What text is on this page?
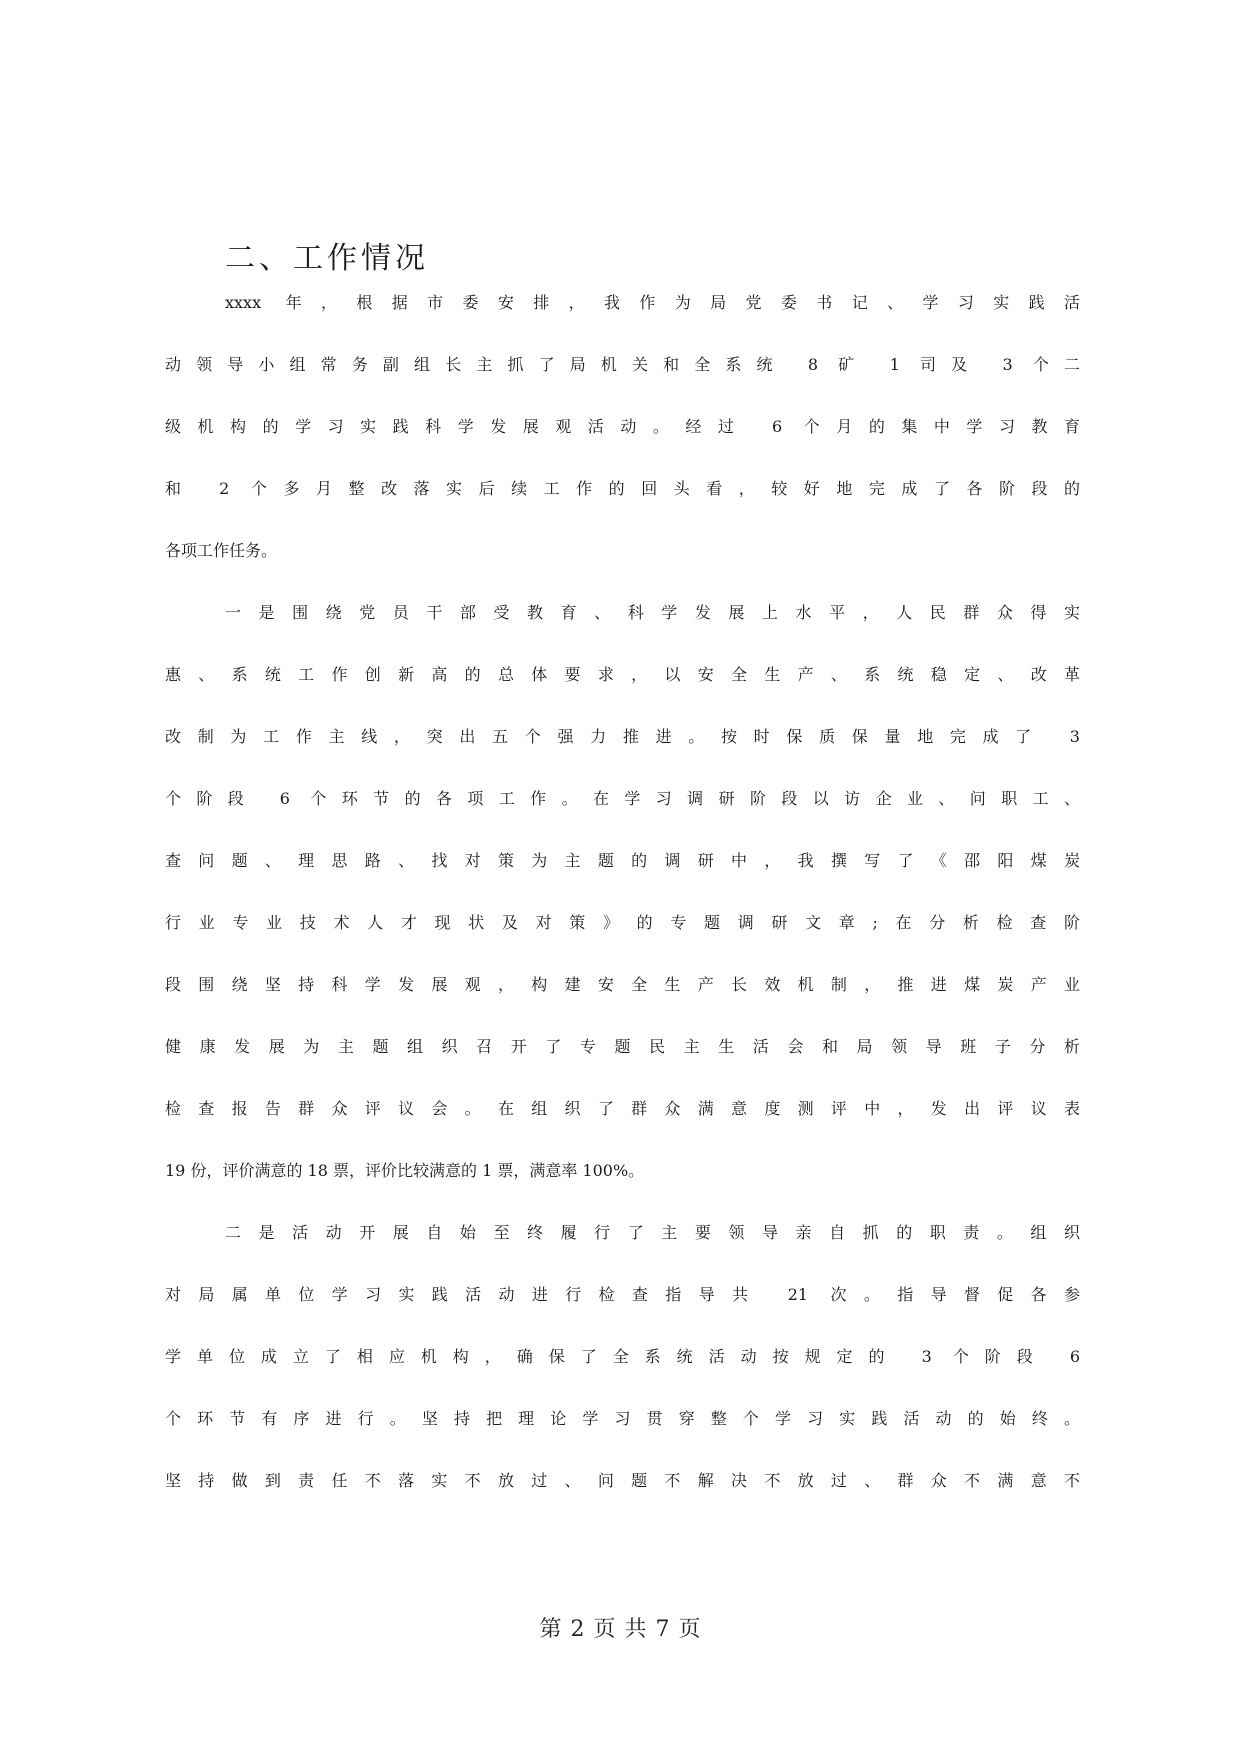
二、工作情况
xxxx 年，根据市委安排，我作为局党委书记、学习实践活
动领导小组常务副组长主抓了局机关和全系统 8 矿 1 司及 3 个二
级机构的学习实践科学发展观活动。经过 6 个月的集中学习教育
和 2 个多月整改落实后续工作的回头看，较好地完成了各阶段的
各项工作任务。
一是围绕党员干部受教育、科学发展上水平，人民群众得实
惠、系统工作创新高的总体要求，以安全生产、系统稳定、改革
改制为工作主线，突出五个强力推进。按时保质保量地完成了 3
个阶段 6 个环节的各项工作。在学习调研阶段以访企业、问职工、
查问题、理思路、找对策为主题的调研中，我撰写了《邵阳煤炭
行业专业技术人才现状及对策》的专题调研文章;在分析检查阶
段围绕坚持科学发展观，构建安全生产长效机制，推进煤炭产业
健康发展为主题组织召开了专题民主生活会和局领导班子分析
检查报告群众评议会。在组织了群众满意度测评中，发出评议表
19 份，评价满意的 18 票，评价比较满意的 1 票，满意率 100%。
二是活动开展自始至终履行了主要领导亲自抓的职责。组织
对局属单位学习实践活动进行检查指导共 21 次。指导督促各参
学单位成立了相应机构，确保了全系统活动按规定的 3 个阶段 6
个环节有序进行。坚持把理论学习贯穿整个学习实践活动的始终。
坚持做到责任不落实不放过、问题不解决不放过、群众不满意不
第 2 页 共 7 页
